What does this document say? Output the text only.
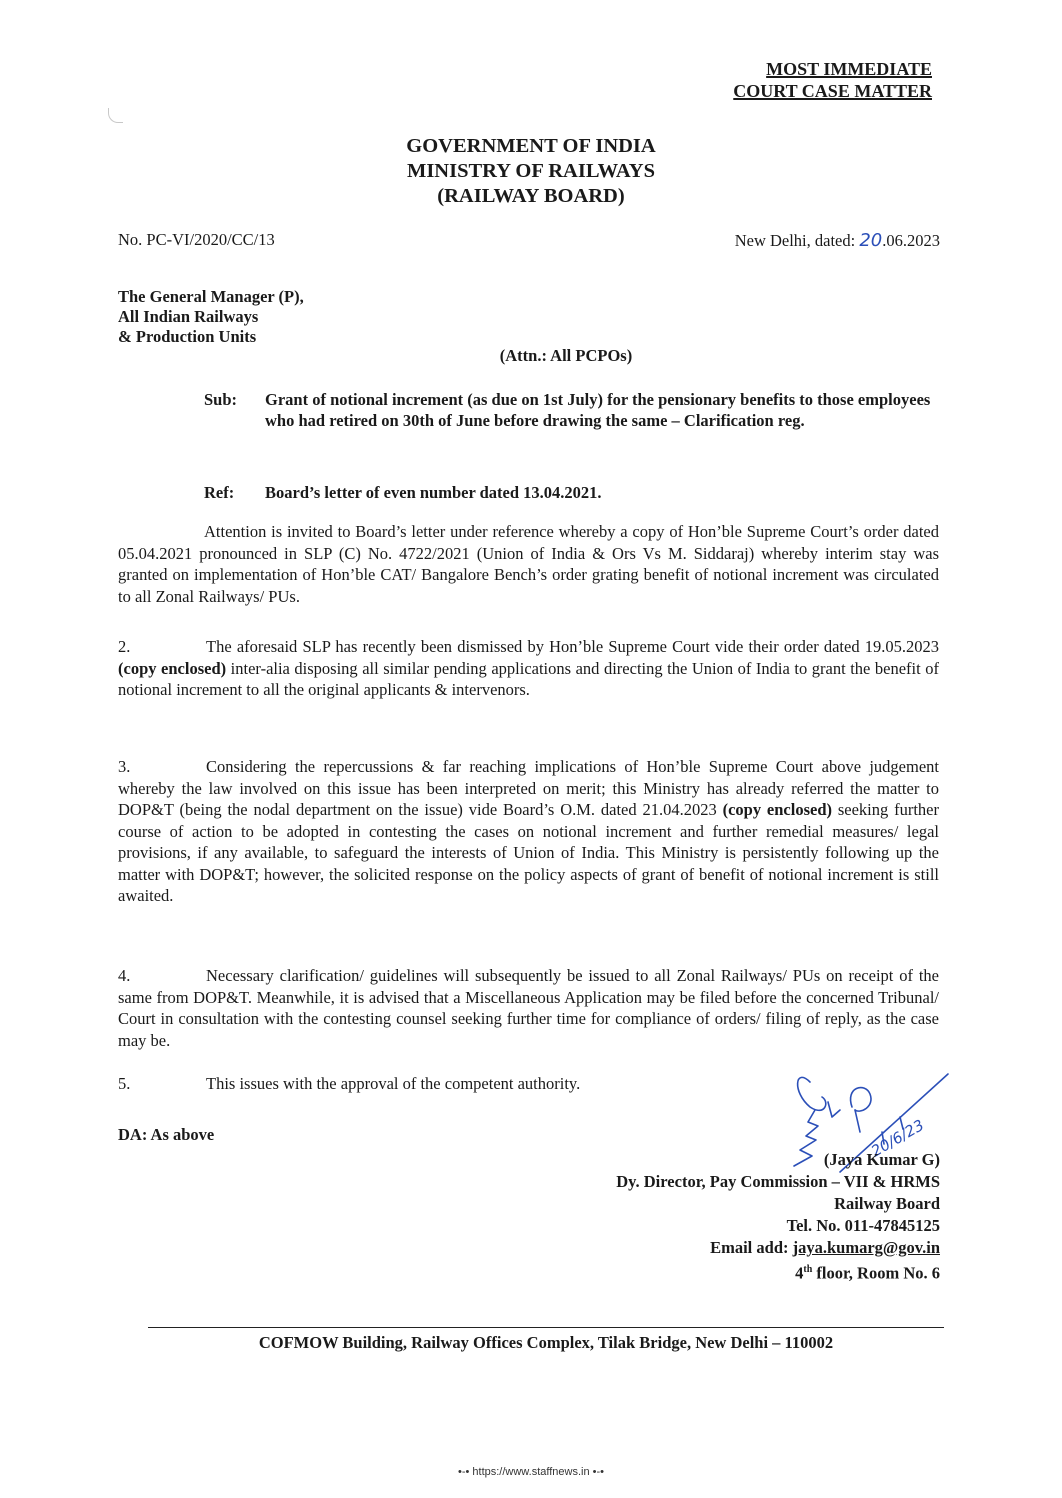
MOST IMMEDIATE
COURT CASE MATTER
GOVERNMENT OF INDIA
MINISTRY OF RAILWAYS
(RAILWAY BOARD)
No. PC-VI/2020/CC/13	New Delhi, dated: 20.06.2023
The General Manager (P),
All Indian Railways
& Production Units
(Attn.: All PCPOs)
Sub:	Grant of notional increment (as due on 1st July) for the pensionary benefits to those employees who had retired on 30th of June before drawing the same – Clarification reg.
Ref:	Board’s letter of even number dated 13.04.2021.
Attention is invited to Board’s letter under reference whereby a copy of Hon’ble Supreme Court’s order dated 05.04.2021 pronounced in SLP (C) No. 4722/2021 (Union of India & Ors Vs M. Siddaraj) whereby interim stay was granted on implementation of Hon’ble CAT/ Bangalore Bench’s order grating benefit of notional increment was circulated to all Zonal Railways/ PUs.
2.	The aforesaid SLP has recently been dismissed by Hon’ble Supreme Court vide their order dated 19.05.2023 (copy enclosed) inter-alia disposing all similar pending applications and directing the Union of India to grant the benefit of notional increment to all the original applicants & intervenors.
3.	Considering the repercussions & far reaching implications of Hon’ble Supreme Court above judgement whereby the law involved on this issue has been interpreted on merit; this Ministry has already referred the matter to DOP&T (being the nodal department on the issue) vide Board’s O.M. dated 21.04.2023 (copy enclosed) seeking further course of action to be adopted in contesting the cases on notional increment and further remedial measures/ legal provisions, if any available, to safeguard the interests of Union of India. This Ministry is persistently following up the matter with DOP&T; however, the solicited response on the policy aspects of grant of benefit of notional increment is still awaited.
4.	Necessary clarification/ guidelines will subsequently be issued to all Zonal Railways/ PUs on receipt of the same from DOP&T. Meanwhile, it is advised that a Miscellaneous Application may be filed before the concerned Tribunal/ Court in consultation with the contesting counsel seeking further time for compliance of orders/ filing of reply, as the case may be.
5.	This issues with the approval of the competent authority.
DA: As above	20/6/23
(Jaya Kumar G)
Dy. Director, Pay Commission – VII & HRMS
Railway Board
Tel. No. 011-47845125
Email add: jaya.kumarg@gov.in
4th floor, Room No. 6
COFMOW Building, Railway Offices Complex, Tilak Bridge, New Delhi – 110002
•-• https://www.staffnews.in •-•
